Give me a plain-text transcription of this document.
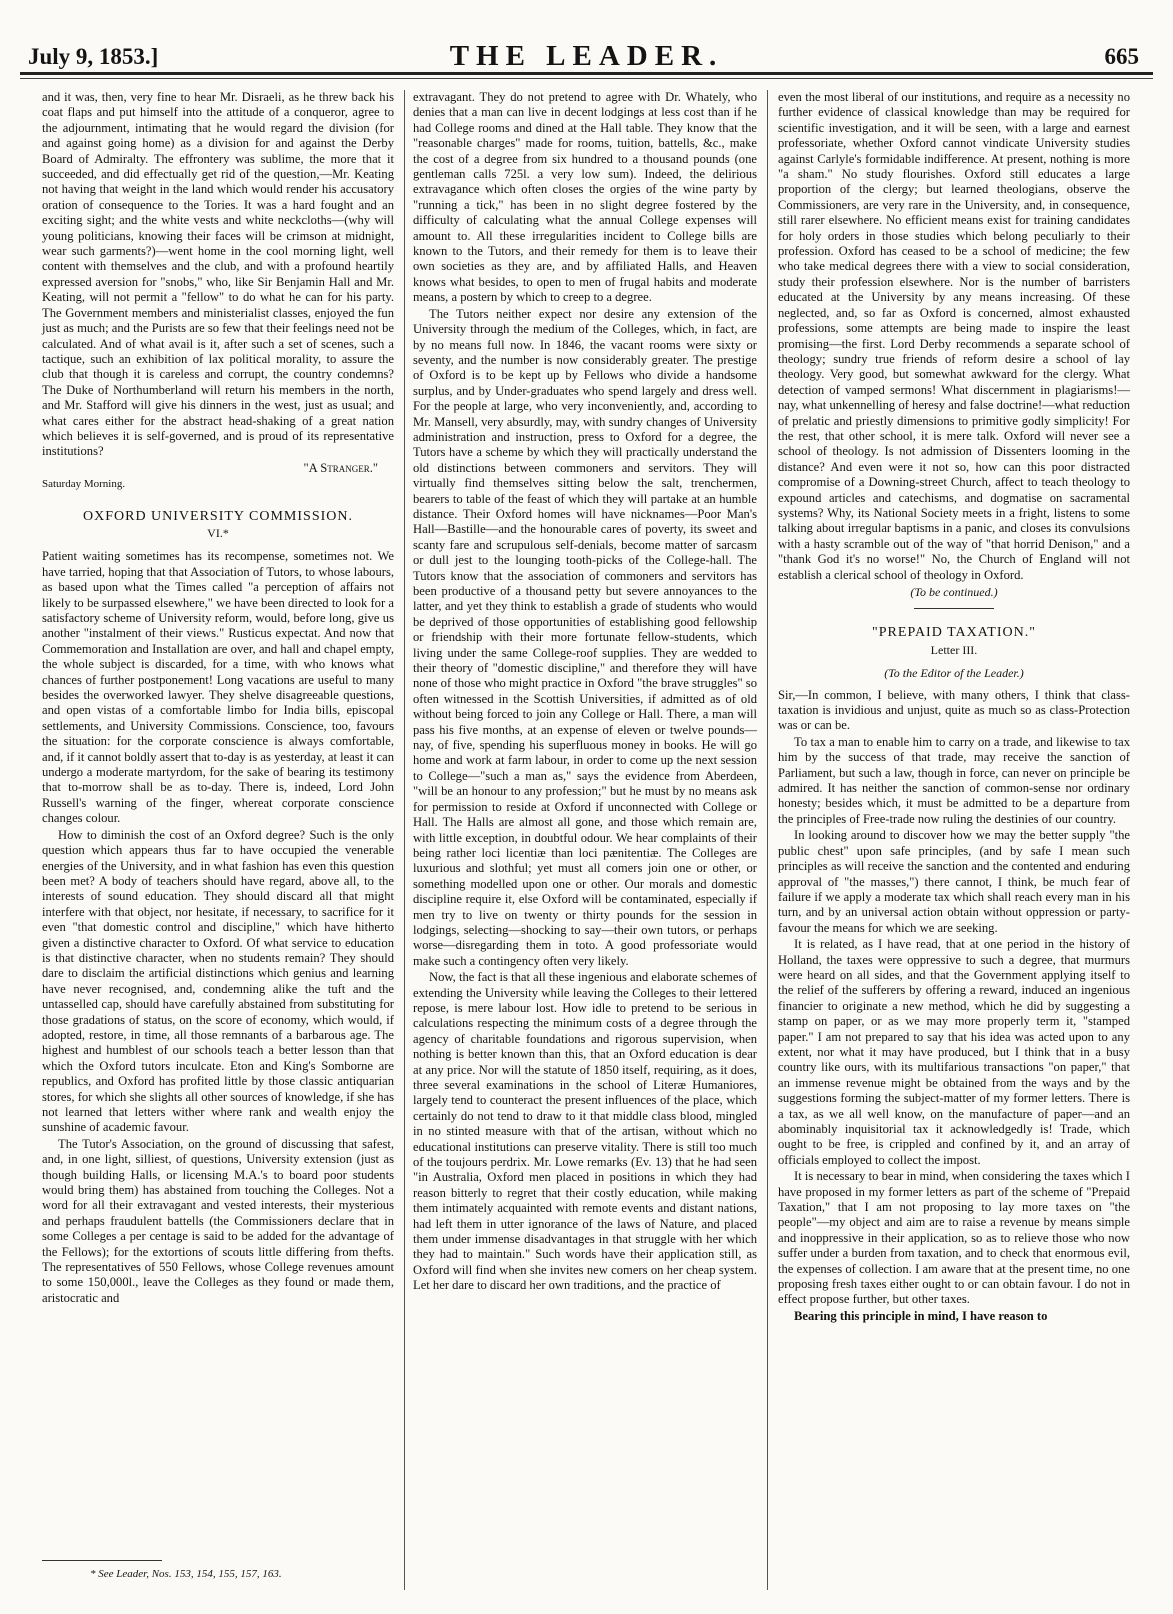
July 9, 1853.]	THE LEADER.	665

and it was, then, very fine to hear Mr. Disraeli, as he threw back his coat flaps and put himself into the attitude of a conqueror, agree to the adjournment, intimating that he would regard the division (for and against going home) as a division for and against the Derby Board of Admiralty. The effrontery was sublime, the more that it succeeded, and did effectually get rid of the question,—Mr. Keating not having that weight in the land which would render his accusatory oration of consequence to the Tories. It was a hard fought and an exciting sight; and the white vests and white neckcloths—(why will young politicians, knowing their faces will be crimson at midnight, wear such garments?)—went home in the cool morning light, well content with themselves and the club, and with a profound heartily expressed aversion for "snobs," who, like Sir Benjamin Hall and Mr. Keating, will not permit a "fellow" to do what he can for his party. The Government members and ministerialist classes, enjoyed the fun just as much; and the Purists are so few that their feelings need not be calculated. And of what avail is it, after such a set of scenes, such a tactique, such an exhibition of lax political morality, to assure the club that though it is careless and corrupt, the country condemns? The Duke of Northumberland will return his members in the north, and Mr. Stafford will give his dinners in the west, just as usual; and what cares either for the abstract head-shaking of a great nation which believes it is self-governed, and is proud of its representative institutions?

"A Stranger."

Saturday Morning.

OXFORD UNIVERSITY COMMISSION.
VI.*

Patient waiting sometimes has its recompense, sometimes not. We have tarried, hoping that that Association of Tutors, to whose labours, as based upon what the Times called "a perception of affairs not likely to be surpassed elsewhere," we have been directed to look for a satisfactory scheme of University reform, would, before long, give us another "instalment of their views." Rusticus expectat. And now that Commemoration and Installation are over, and hall and chapel empty, the whole subject is discarded, for a time, with who knows what chances of further postponement! Long vacations are useful to many besides the overworked lawyer. They shelve disagreeable questions, and open vistas of a comfortable limbo for India bills, episcopal settlements, and University Commissions. Conscience, too, favours the situation: for the corporate conscience is always comfortable, and, if it cannot boldly assert that to-day is as yesterday, at least it can undergo a moderate martyrdom, for the sake of bearing its testimony that to-morrow shall be as to-day. There is, indeed, Lord John Russell's warning of the finger, whereat corporate conscience changes colour.

How to diminish the cost of an Oxford degree? Such is the only question which appears thus far to have occupied the venerable energies of the University, and in what fashion has even this question been met? A body of teachers should have regard, above all, to the interests of sound education. They should discard all that might interfere with that object, nor hesitate, if necessary, to sacrifice for it even "that domestic control and discipline," which have hitherto given a distinctive character to Oxford. Of what service to education is that distinctive character, when no students remain? They should dare to disclaim the artificial distinctions which genius and learning have never recognised, and, condemning alike the tuft and the untasselled cap, should have carefully abstained from substituting for those gradations of status, on the score of economy, which would, if adopted, restore, in time, all those remnants of a barbarous age. The highest and humblest of our schools teach a better lesson than that which the Oxford tutors inculcate. Eton and King's Somborne are republics, and Oxford has profited little by those classic antiquarian stores, for which she slights all other sources of knowledge, if she has not learned that letters wither where rank and wealth enjoy the sunshine of academic favour.

The Tutor's Association, on the ground of discussing that safest, and, in one light, silliest, of questions, University extension (just as though building Halls, or licensing M.A.'s to board poor students would bring them) has abstained from touching the Colleges. Not a word for all their extravagant and vested interests, their mysterious and perhaps fraudulent battells (the Commissioners declare that in some Colleges a per centage is said to be added for the advantage of the Fellows); for the extortions of scouts little differing from thefts. The representatives of 550 Fellows, whose College revenues amount to some 150,000l., leave the Colleges as they found or made them, aristocratic and

extravagant. They do not pretend to agree with Dr. Whately, who denies that a man can live in decent lodgings at less cost than if he had College rooms and dined at the Hall table. They know that the "reasonable charges" made for rooms, tuition, battells, &c., make the cost of a degree from six hundred to a thousand pounds (one gentleman calls 725l. a very low sum). Indeed, the delirious extravagance which often closes the orgies of the wine party by "running a tick," has been in no slight degree fostered by the difficulty of calculating what the annual College expenses will amount to. All these irregularities incident to College bills are known to the Tutors, and their remedy for them is to leave their own societies as they are, and by affiliated Halls, and Heaven knows what besides, to open to men of frugal habits and moderate means, a postern by which to creep to a degree.

The Tutors neither expect nor desire any extension of the University through the medium of the Colleges, which, in fact, are by no means full now. In 1846, the vacant rooms were sixty or seventy, and the number is now considerably greater. The prestige of Oxford is to be kept up by Fellows who divide a handsome surplus, and by Under-graduates who spend largely and dress well. For the people at large, who very inconveniently, and, according to Mr. Mansell, very absurdly, may, with sundry changes of University administration and instruction, press to Oxford for a degree, the Tutors have a scheme by which they will practically understand the old distinctions between commoners and servitors. They will virtually find themselves sitting below the salt, trenchermen, bearers to table of the feast of which they will partake at an humble distance. Their Oxford homes will have nicknames—Poor Man's Hall—Bastille—and the honourable cares of poverty, its sweet and scanty fare and scrupulous self-denials, become matter of sarcasm or dull jest to the lounging tooth-picks of the College-hall. The Tutors know that the association of commoners and servitors has been productive of a thousand petty but severe annoyances to the latter, and yet they think to establish a grade of students who would be deprived of those opportunities of establishing good fellowship or friendship with their more fortunate fellow-students, which living under the same College-roof supplies. They are wedded to their theory of "domestic discipline," and therefore they will have none of those who might practice in Oxford "the brave struggles" so often witnessed in the Scottish Universities, if admitted as of old without being forced to join any College or Hall. There, a man will pass his five months, at an expense of eleven or twelve pounds—nay, of five, spending his superfluous money in books. He will go home and work at farm labour, in order to come up the next session to College—"such a man as," says the evidence from Aberdeen, "will be an honour to any profession;" but he must by no means ask for permission to reside at Oxford if unconnected with College or Hall. The Halls are almost all gone, and those which remain are, with little exception, in doubtful odour. We hear complaints of their being rather loci licentiæ than loci pænitentiæ. The Colleges are luxurious and slothful; yet must all comers join one or other, or something modelled upon one or other. Our morals and domestic discipline require it, else Oxford will be contaminated, especially if men try to live on twenty or thirty pounds for the session in lodgings, selecting—shocking to say—their own tutors, or perhaps worse—disregarding them in toto. A good professoriate would make such a contingency often very likely.

Now, the fact is that all these ingenious and elaborate schemes of extending the University while leaving the Colleges to their lettered repose, is mere labour lost. How idle to pretend to be serious in calculations respecting the minimum costs of a degree through the agency of charitable foundations and rigorous supervision, when nothing is better known than this, that an Oxford education is dear at any price. Nor will the statute of 1850 itself, requiring, as it does, three several examinations in the school of Literæ Humaniores, largely tend to counteract the present influences of the place, which certainly do not tend to draw to it that middle class blood, mingled in no stinted measure with that of the artisan, without which no educational institutions can preserve vitality. There is still too much of the toujours perdrix. Mr. Lowe remarks (Ev. 13) that he had seen "in Australia, Oxford men placed in positions in which they had reason bitterly to regret that their costly education, while making them intimately acquainted with remote events and distant nations, had left them in utter ignorance of the laws of Nature, and placed them under immense disadvantages in that struggle with her which they had to maintain." Such words have their application still, as Oxford will find when she invites new comers on her cheap system. Let her dare to discard her own traditions, and the practice of

even the most liberal of our institutions, and require as a necessity no further evidence of classical knowledge than may be required for scientific investigation, and it will be seen, with a large and earnest professoriate, whether Oxford cannot vindicate University studies against Carlyle's formidable indifference. At present, nothing is more "a sham." No study flourishes. Oxford still educates a large proportion of the clergy; but learned theologians, observe the Commissioners, are very rare in the University, and, in consequence, still rarer elsewhere. No efficient means exist for training candidates for holy orders in those studies which belong peculiarly to their profession. Oxford has ceased to be a school of medicine; the few who take medical degrees there with a view to social consideration, study their profession elsewhere. Nor is the number of barristers educated at the University by any means increasing. Of these neglected, and, so far as Oxford is concerned, almost exhausted professions, some attempts are being made to inspire the least promising—the first. Lord Derby recommends a separate school of theology; sundry true friends of reform desire a school of lay theology. Very good, but somewhat awkward for the clergy. What detection of vamped sermons! What discernment in plagiarisms!—nay, what unkennelling of heresy and false doctrine!—what reduction of prelatic and priestly dimensions to primitive godly simplicity! For the rest, that other school, it is mere talk. Oxford will never see a school of theology. Is not admission of Dissenters looming in the distance? And even were it not so, how can this poor distracted compromise of a Downing-street Church, affect to teach theology to expound articles and catechisms, and dogmatise on sacramental systems? Why, its National Society meets in a fright, listens to some talking about irregular baptisms in a panic, and closes its convulsions with a hasty scramble out of the way of "that horrid Denison," and a "thank God it's no worse!" No, the Church of England will not establish a clerical school of theology in Oxford.

(To be continued.)
"PREPAID TAXATION."
Letter III.
(To the Editor of the Leader.)

Sir,—In common, I believe, with many others, I think that class-taxation is invidious and unjust, quite as much so as class-Protection was or can be.

To tax a man to enable him to carry on a trade, and likewise to tax him by the success of that trade, may receive the sanction of Parliament, but such a law, though in force, can never on principle be admired. It has neither the sanction of common-sense nor ordinary honesty; besides which, it must be admitted to be a departure from the principles of Free-trade now ruling the destinies of our country.

In looking around to discover how we may the better supply "the public chest" upon safe principles, (and by safe I mean such principles as will receive the sanction and the contented and enduring approval of "the masses,") there cannot, I think, be much fear of failure if we apply a moderate tax which shall reach every man in his turn, and by an universal action obtain without oppression or party-favour the means for which we are seeking.

It is related, as I have read, that at one period in the history of Holland, the taxes were oppressive to such a degree, that murmurs were heard on all sides, and that the Government applying itself to the relief of the sufferers by offering a reward, induced an ingenious financier to originate a new method, which he did by suggesting a stamp on paper, or as we may more properly term it, "stamped paper." I am not prepared to say that his idea was acted upon to any extent, nor what it may have produced, but I think that in a busy country like ours, with its multifarious transactions "on paper," that an immense revenue might be obtained from the ways and by the suggestions forming the subject-matter of my former letters. There is a tax, as we all well know, on the manufacture of paper—and an abominably inquisitorial tax it acknowledgedly is! Trade, which ought to be free, is crippled and confined by it, and an array of officials employed to collect the impost.

It is necessary to bear in mind, when considering the taxes which I have proposed in my former letters as part of the scheme of "Prepaid Taxation," that I am not proposing to lay more taxes on "the people"—my object and aim are to raise a revenue by means simple and inoppressive in their application, so as to relieve those who now suffer under a burden from taxation, and to check that enormous evil, the expenses of collection. I am aware that at the present time, no one proposing fresh taxes either ought to or can obtain favour. I do not in effect propose further, but other taxes.

Bearing this principle in mind, I have reason to

* See Leader, Nos. 153, 154, 155, 157, 163.
